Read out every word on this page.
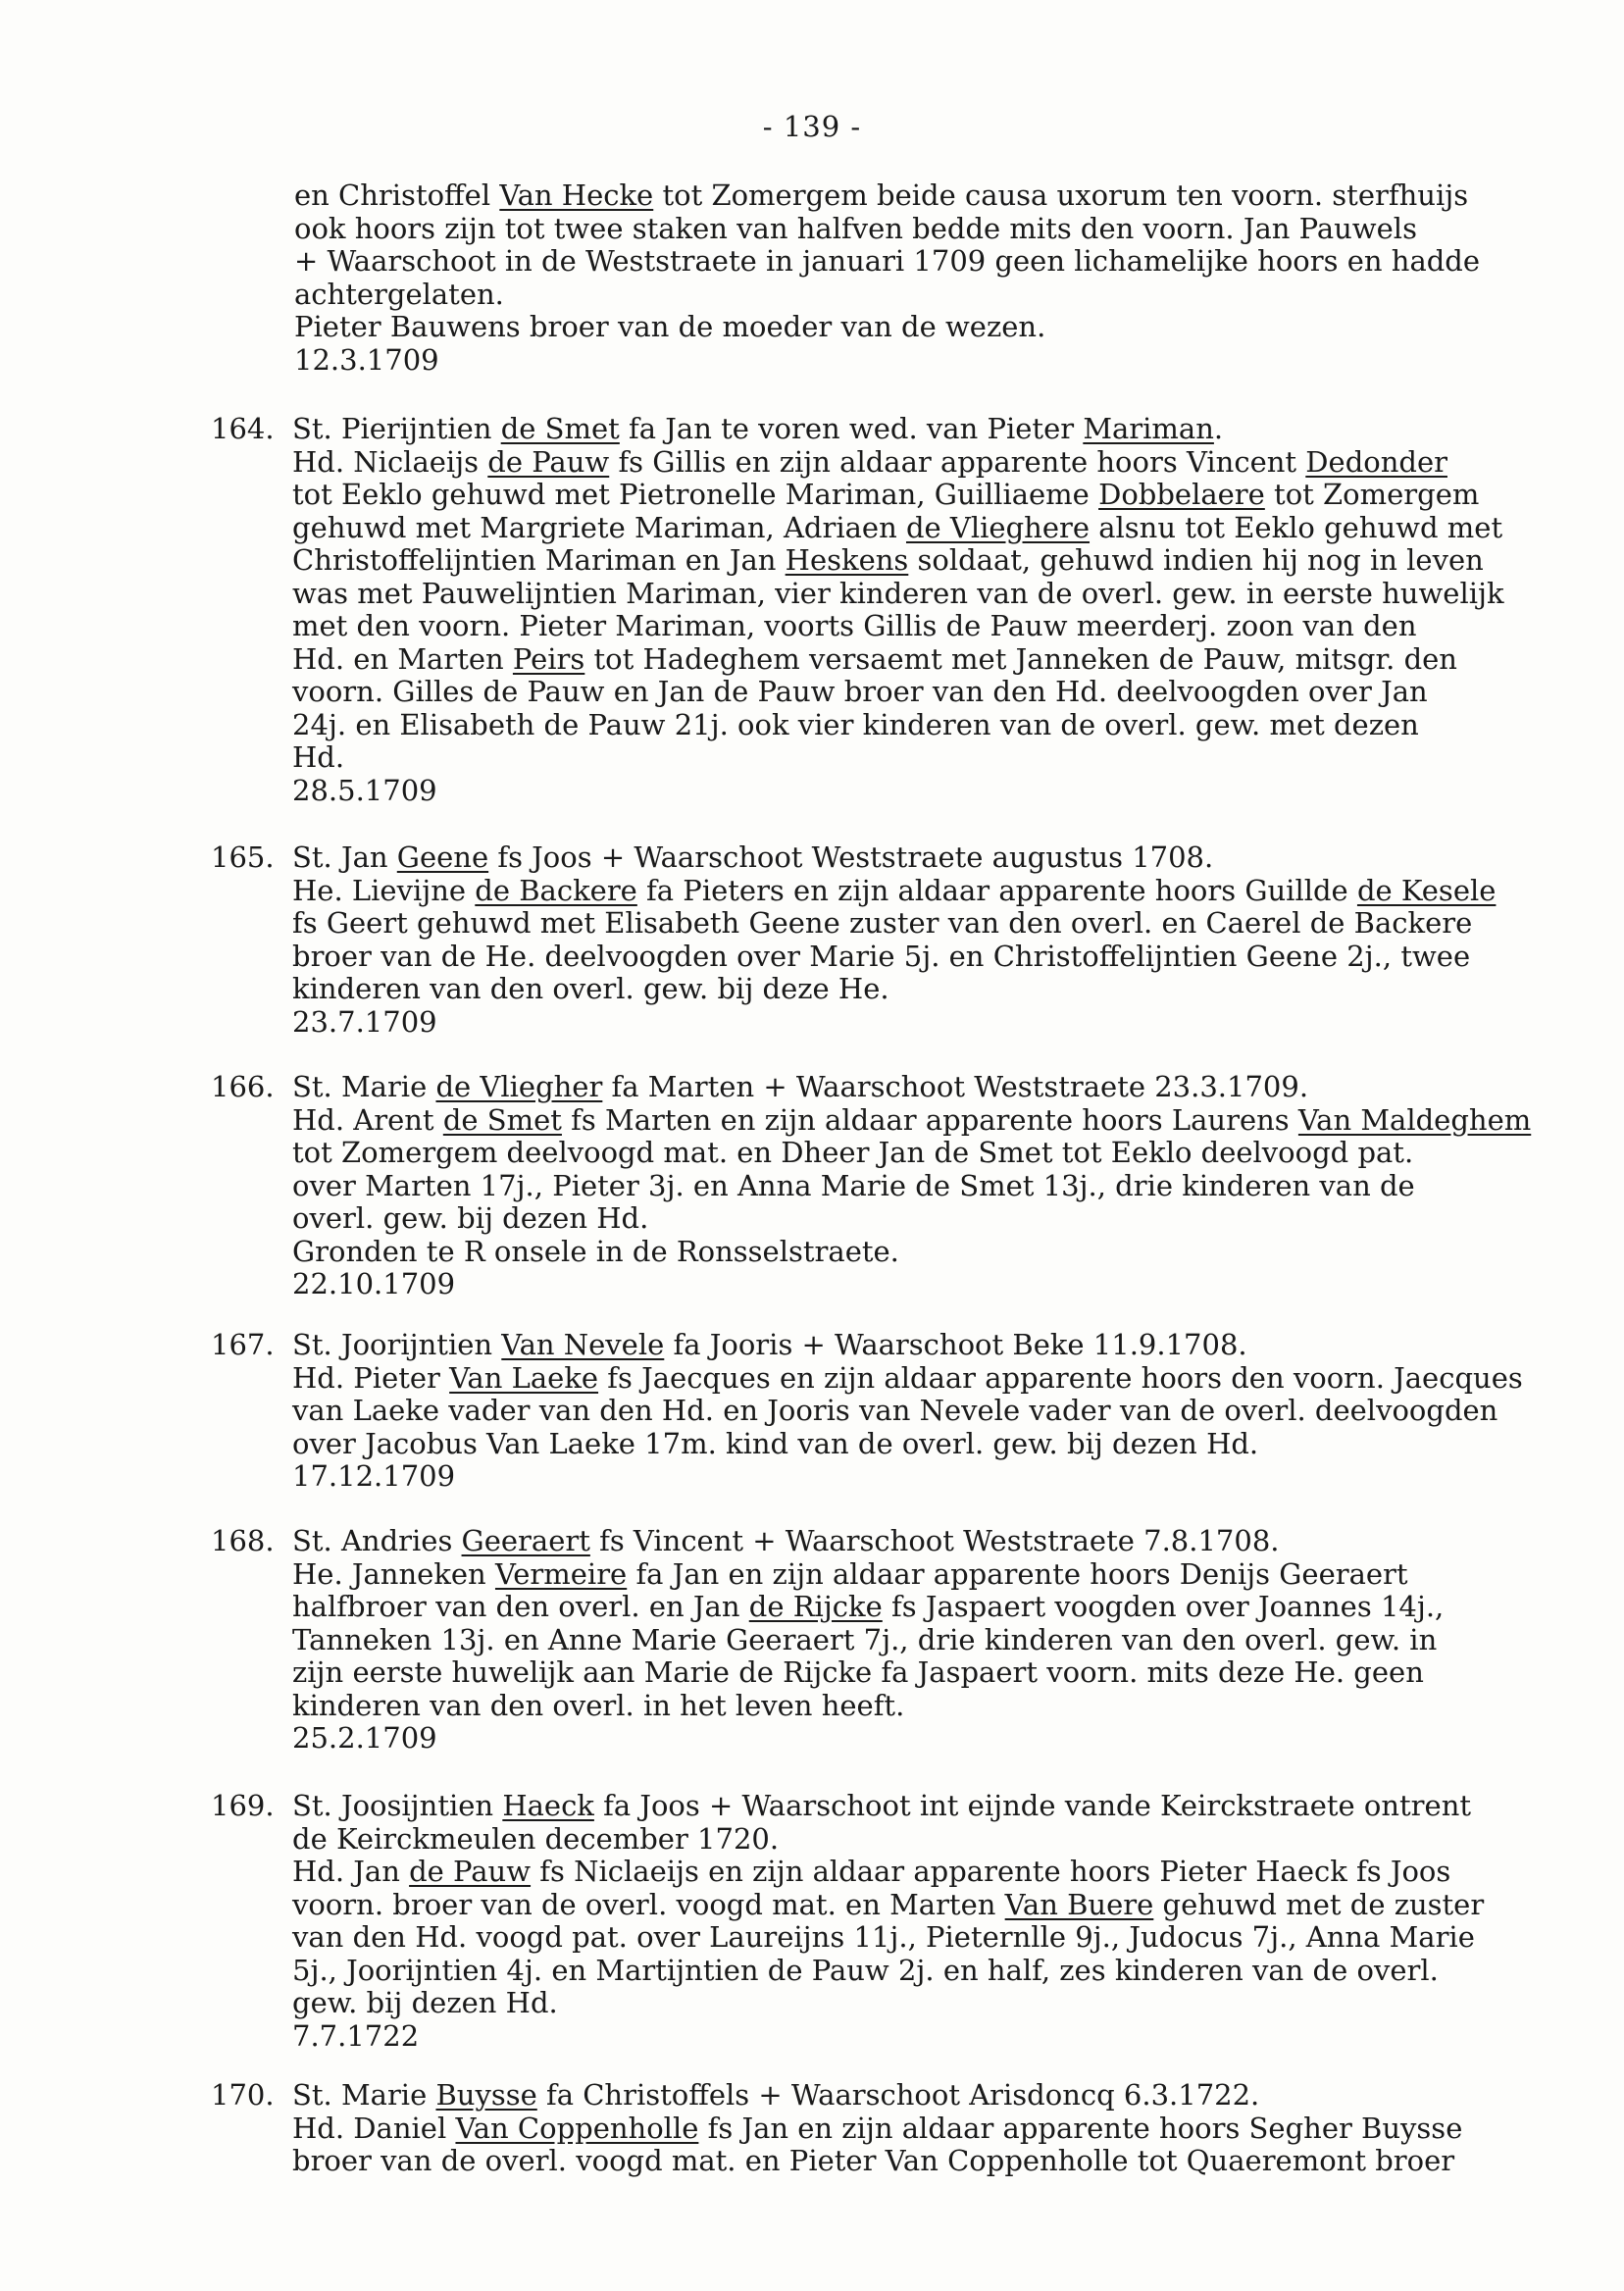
- 139 -
en Christoffel Van Hecke tot Zomergem beide causa uxorum ten voorn. sterfhuijs
ook hoors zijn tot twee staken van halfven bedde mits den voorn. Jan Pauwels
+ Waarschoot in de Weststraete in januari 1709 geen lichamelijke hoors en hadde
achtergelaten.
Pieter Bauwens broer van de moeder van de wezen.
12.3.1709
164. St. Pierijntien de Smet fa Jan te voren wed. van Pieter Mariman.
Hd. Niclaeijs de Pauw fs Gillis en zijn aldaar apparente hoors Vincent Dedonder
tot Eeklo gehuwd met Pietronelle Mariman, Guilliaeme Dobbelaere tot Zomergem
gehuwd met Margriete Mariman, Adriaen de Vlieghere alsnu tot Eeklo gehuwd met
Christoffelijntien Mariman en Jan Heskens soldaat, gehuwd indien hij nog in leven
was met Pauwelijntien Mariman, vier kinderen van de overl. gew. in eerste huwelijk
met den voorn. Pieter Mariman, voorts Gillis de Pauw meerderj. zoon van den
Hd. en Marten Peirs tot Hadeghem versaemt met Janneken de Pauw, mitsgr. den
voorn. Gilles de Pauw en Jan de Pauw broer van den Hd. deelvoogden over Jan
24j. en Elisabeth de Pauw 21j. ook vier kinderen van de overl. gew. met dezen
Hd.
28.5.1709
165. St. Jan Geene fs Joos + Waarschoot Weststraete augustus 1708.
He. Lievijne de Backere fa Pieters en zijn aldaar apparente hoors Guillde de Kesele
fs Geert gehuwd met Elisabeth Geene zuster van den overl. en Caerel de Backere
broer van de He. deelvoogden over Marie 5j. en Christoffelijntien Geene 2j., twee
kinderen van den overl. gew. bij deze He.
23.7.1709
166. St. Marie de Vliegher fa Marten + Waarschoot Weststraete 23.3.1709.
Hd. Arent de Smet fs Marten en zijn aldaar apparente hoors Laurens Van Maldeghem
tot Zomergem deelvoogd mat. en Dheer Jan de Smet tot Eeklo deelvoogd pat.
over Marten 17j., Pieter 3j. en Anna Marie de Smet 13j., drie kinderen van de
overl. gew. bij dezen Hd.
Gronden te R onsele in de Ronsselstraete.
22.10.1709
167. St. Joorijntien Van Nevele fa Jooris + Waarschoot Beke 11.9.1708.
Hd. Pieter Van Laeke fs Jaecques en zijn aldaar apparente hoors den voorn. Jaecques
van Laeke vader van den Hd. en Jooris van Nevele vader van de overl. deelvoogden
over Jacobus Van Laeke 17m. kind van de overl. gew. bij dezen Hd.
17.12.1709
168. St. Andries Geeraert fs Vincent + Waarschoot Weststraete 7.8.1708.
He. Janneken Vermeire fa Jan en zijn aldaar apparente hoors Denijs Geeraert
halfbroer van den overl. en Jan de Rijcke fs Jaspaert voogden over Joannes 14j.,
Tanneken 13j. en Anne Marie Geeraert 7j., drie kinderen van den overl. gew. in
zijn eerste huwelijk aan Marie de Rijcke fa Jaspaert voorn. mits deze He. geen
kinderen van den overl. in het leven heeft.
25.2.1709
169. St. Joosijntien Haeck fa Joos + Waarschoot int eijnde vande Keirckstraete ontrent
de Keirckmeulen december 1720.
Hd. Jan de Pauw fs Niclaeijs en zijn aldaar apparente hoors Pieter Haeck fs Joos
voorn. broer van de overl. voogd mat. en Marten Van Buere gehuwd met de zuster
van den Hd. voogd pat. over Laureijns 11j., Pieternlle 9j., Judocus 7j., Anna Marie
5j., Joorijntien 4j. en Martijntien de Pauw 2j. en half, zes kinderen van de overl.
gew. bij dezen Hd.
7.7.1722
170. St. Marie Buysse fa Christoffels + Waarschoot Arisdoncq 6.3.1722.
Hd. Daniel Van Coppenholle fs Jan en zijn aldaar apparente hoors Segher Buysse
broer van de overl. voogd mat. en Pieter Van Coppenholle tot Quaeremont broer
